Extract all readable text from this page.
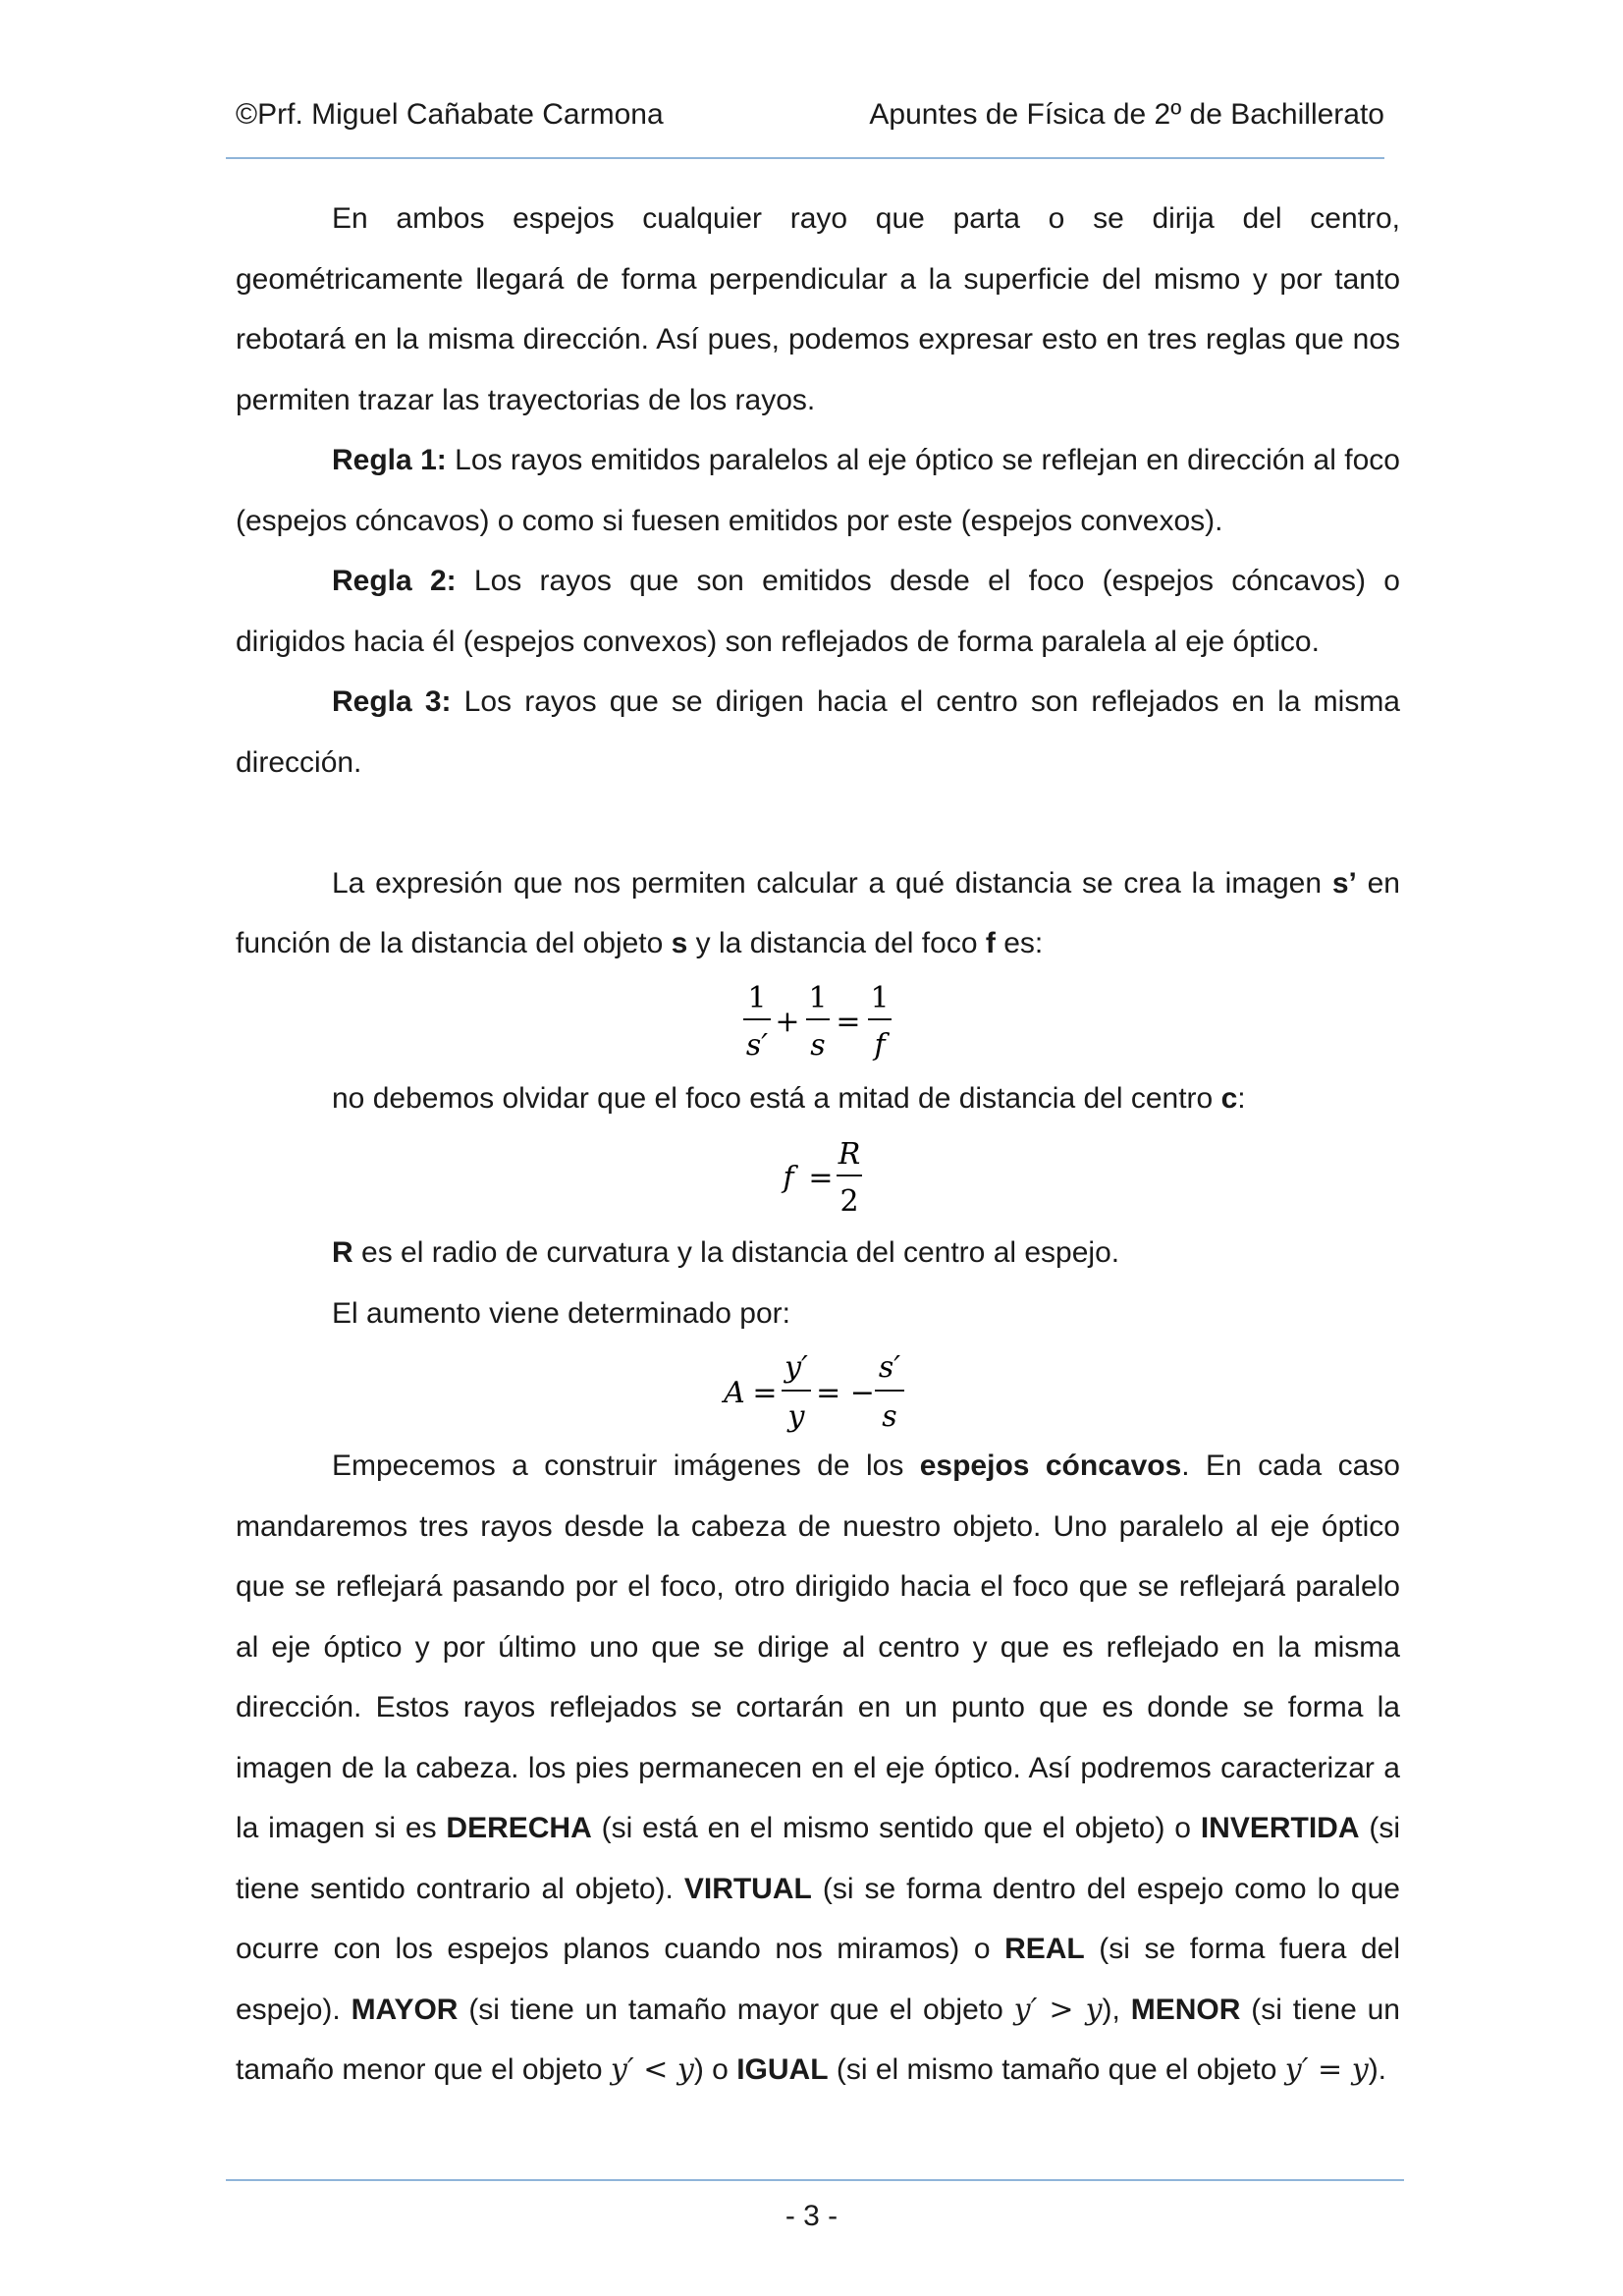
©Prf. Miguel Cañabate Carmona	Apuntes de Física de 2º de Bachillerato

En ambos espejos cualquier rayo que parta o se dirija del centro, geométricamente llegará de forma perpendicular a la superficie del mismo y por tanto rebotará en la misma dirección. Así pues, podemos expresar esto en tres reglas que nos permiten trazar las trayectorias de los rayos.

Regla 1: Los rayos emitidos paralelos al eje óptico se reflejan en dirección al foco (espejos cóncavos) o como si fuesen emitidos por este (espejos convexos).

Regla 2: Los rayos que son emitidos desde el foco (espejos cóncavos) o dirigidos hacia él (espejos convexos) son reflejados de forma paralela al eje óptico.

Regla 3: Los rayos que se dirigen hacia el centro son reflejados en la misma dirección.

La expresión que nos permiten calcular a qué distancia se crea la imagen s’ en función de la distancia del objeto s y la distancia del foco f es:

1
s′
+
1
s
=
1
f

no debemos olvidar que el foco está a mitad de distancia del centro c:

f =
R
2

R es el radio de curvatura y la distancia del centro al espejo.

El aumento viene determinado por:

A =
y′
y
= −
s′
s

Empecemos a construir imágenes de los espejos cóncavos. En cada caso mandaremos tres rayos desde la cabeza de nuestro objeto. Uno paralelo al eje óptico que se reflejará pasando por el foco, otro dirigido hacia el foco que se reflejará paralelo al eje óptico y por último uno que se dirige al centro y que es reflejado en la misma dirección. Estos rayos reflejados se cortarán en un punto que es donde se forma la imagen de la cabeza. los pies permanecen en el eje óptico. Así podremos caracterizar a la imagen si es DERECHA (si está en el mismo sentido que el objeto) o INVERTIDA (si tiene sentido contrario al objeto). VIRTUAL (si se forma dentro del espejo como lo que ocurre con los espejos planos cuando nos miramos) o REAL (si se forma fuera del espejo). MAYOR (si tiene un tamaño mayor que el objeto y′ > y), MENOR (si tiene un tamaño menor que el objeto y′ < y) o IGUAL (si el mismo tamaño que el objeto y′ = y).

- 3 -
